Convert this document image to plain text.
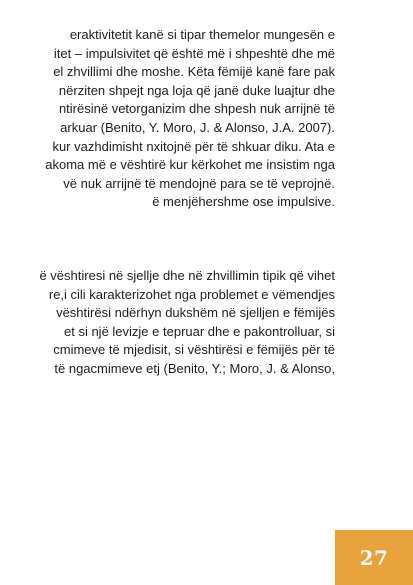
eraktivitetit kanë si tipar themelor mungesën e
itet – impulsivitet që është më i shpeshtë dhe më
el zhvillimi dhe moshe. Këta fëmijë kanë fare pak
nërziten shpejt nga loja që janë duke luajtur dhe
ntirësinë vetorganizim dhe shpesh nuk arrijnë të
arkuar (Benito, Y. Moro, J. & Alonso, J.A. 2007).
kur vazhdimisht nxitojnë për të shkuar diku. Ata e
akoma më e vështirë kur kërkohet me insistim nga
vë nuk arrijnë të mendojnë para se të veprojnë.
ë menjëhershme ose impulsive.
ë vështiresi në sjellje dhe në zhvillimin tipik që vihet
re,i cili karakterizohet nga problemet e vëmendjes
vështirësi ndërhyn dukshëm në sjelljen e fëmijës
et si një levizje e tepruar dhe e pakontrolluar, si
cmimeve të mjedisit, si vështirësi e fëmijës për të
të ngacmimeve etj (Benito, Y.; Moro, J. & Alonso,
27
